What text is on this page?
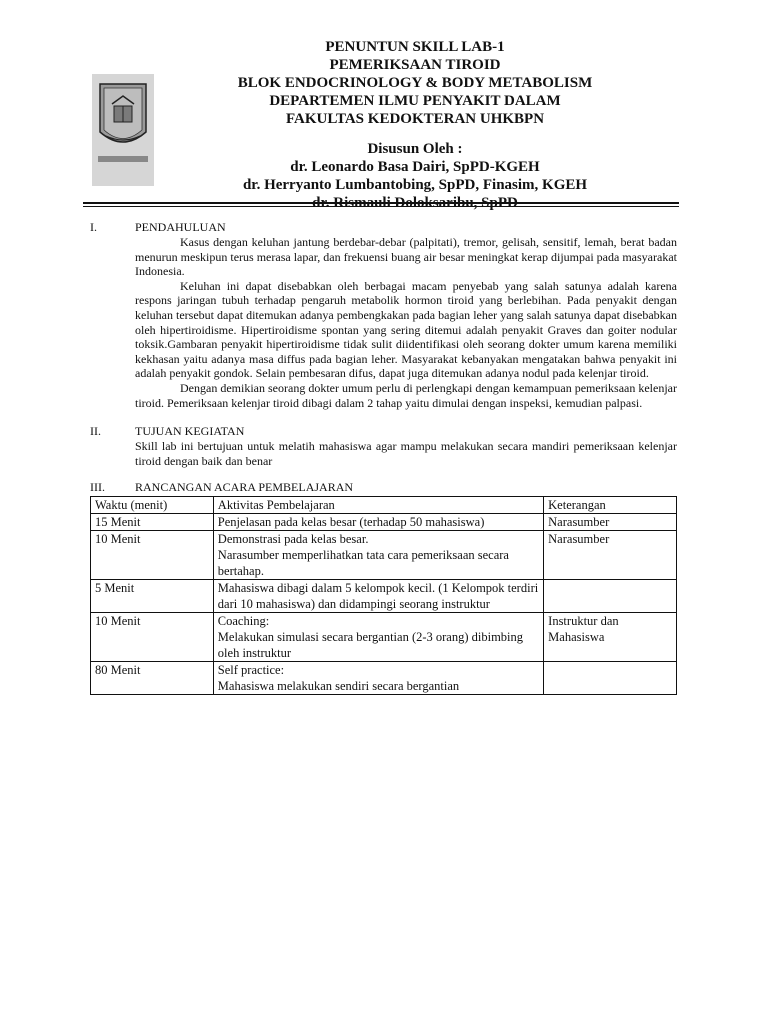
PENUNTUN SKILL LAB-1

PEMERIKSAAN TIROID

BLOK ENDOCRINOLOGY & BODY METABOLISM

DEPARTEMEN ILMU PENYAKIT DALAM

FAKULTAS KEDOKTERAN UHKBPN

Disusun Oleh :

dr. Leonardo Basa Dairi, SpPD-KGEH

dr. Herryanto Lumbantobing, SpPD, Finasim, KGEH

dr. Rismauli Doloksaribu, SpPD

I.	PENDAHULUAN

Kasus dengan keluhan jantung berdebar-debar (palpitati), tremor, gelisah, sensitif, lemah, berat badan menurun meskipun terus merasa lapar, dan frekuensi buang air besar meningkat kerap dijumpai pada masyarakat Indonesia.

Keluhan ini dapat disebabkan oleh berbagai macam penyebab yang salah satunya adalah karena respons jaringan tubuh terhadap pengaruh metabolik hormon tiroid yang berlebihan. Pada penyakit dengan keluhan tersebut dapat ditemukan adanya pembengkakan pada bagian leher yang salah satunya dapat disebabkan oleh hipertiroidisme. Hipertiroidisme spontan yang sering ditemui adalah penyakit Graves dan goiter nodular toksik.Gambaran penyakit hipertiroidisme tidak sulit diidentifikasi oleh seorang dokter umum karena memiliki kekhasan yaitu adanya masa diffus pada bagian leher. Masyarakat kebanyakan mengatakan bahwa penyakit ini adalah penyakit gondok. Selain pembesaran difus, dapat juga ditemukan adanya nodul pada kelenjar tiroid.

Dengan demikian seorang dokter umum perlu di perlengkapi dengan kemampuan pemeriksaan kelenjar tiroid. Pemeriksaan kelenjar tiroid dibagi dalam 2 tahap yaitu dimulai dengan inspeksi, kemudian palpasi.

II.	TUJUAN KEGIATAN

Skill lab ini bertujuan untuk melatih mahasiswa agar mampu melakukan secara mandiri pemeriksaan kelenjar tiroid dengan baik dan benar

III.	RANCANGAN ACARA PEMBELAJARAN
Waktu (menit)	Aktivitas Pembelajaran	Keterangan
15 Menit	Penjelasan pada kelas besar (terhadap 50 mahasiswa)	Narasumber

10 Menit	Demonstrasi pada kelas besar.
Narasumber memperlihatkan tata cara pemeriksaan secara bertahap.	Narasumber

5 Menit	Mahasiswa dibagi dalam 5 kelompok kecil. (1 Kelompok terdiri dari 10 mahasiswa) dan didampingi seorang instruktur	

10 Menit	Coaching:
Melakukan simulasi secara bergantian (2-3 orang) dibimbing oleh instruktur	Instruktur dan Mahasiswa

80 Menit	Self practice:
Mahasiswa melakukan sendiri secara bergantian	
